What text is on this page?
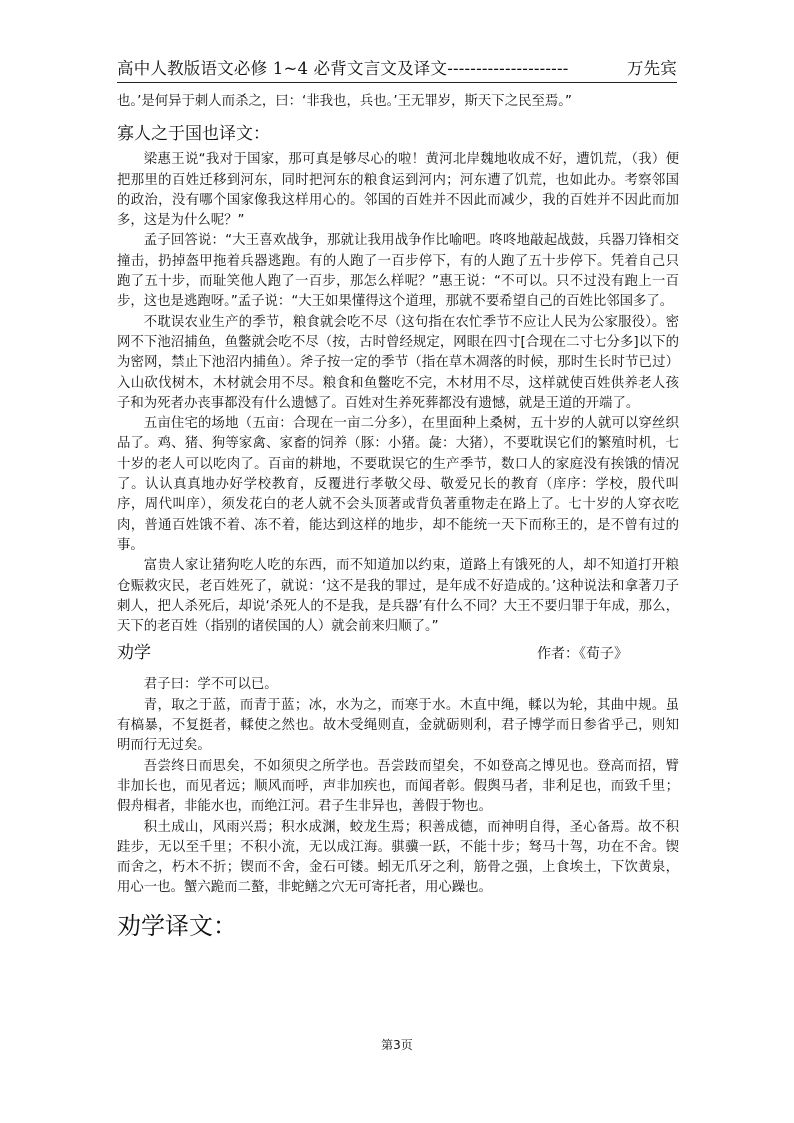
高中人教版语文必修 1~4 必背文言文及译文---------------------	万先宾

也。’是何异于刺人而杀之，曰：‘非我也，兵也。’王无罪岁，斯天下之民至焉。”

寡人之于国也译文：

梁惠王说“我对于国家，那可真是够尽心的啦！黄河北岸魏地收成不好，遭饥荒，（我）便把那里的百姓迁移到河东，同时把河东的粮食运到河内；河东遭了饥荒，也如此办。考察邻国的政治，没有哪个国家像我这样用心的。邻国的百姓并不因此而减少，我的百姓并不因此而加多，这是为什么呢？”

孟子回答说：“大王喜欢战争，那就让我用战争作比喻吧。咚咚地敲起战鼓，兵器刀锋相交撞击，扔掉盔甲拖着兵器逃跑。有的人跑了一百步停下，有的人跑了五十步停下。凭着自己只跑了五十步，而耻笑他人跑了一百步，那怎么样呢？”惠王说：“不可以。只不过没有跑上一百步，这也是逃跑呀。”孟子说：“大王如果懂得这个道理，那就不要希望自己的百姓比邻国多了。

不耽误农业生产的季节，粮食就会吃不尽（这句指在农忙季节不应让人民为公家服役）。密网不下池沼捕鱼，鱼鳖就会吃不尽（按，古时曾经规定，网眼在四寸[合现在二寸七分多]以下的为密网，禁止下池沼内捕鱼）。斧子按一定的季节（指在草木凋落的时候，那时生长时节已过）入山砍伐树木，木材就会用不尽。粮食和鱼鳖吃不完，木材用不尽，这样就使百姓供养老人孩子和为死者办丧事都没有什么遗憾了。百姓对生养死葬都没有遗憾，就是王道的开端了。

五亩住宅的场地（五亩：合现在一亩二分多），在里面种上桑树，五十岁的人就可以穿丝织品了。鸡、猪、狗等家禽、家畜的饲养（豚：小猪。彘：大猪），不要耽误它们的繁殖时机，七十岁的老人可以吃肉了。百亩的耕地，不要耽误它的生产季节，数口人的家庭没有挨饿的情况了。认认真真地办好学校教育，反覆进行孝敬父母、敬爱兄长的教育（庠序：学校，殷代叫序，周代叫庠），须发花白的老人就不会头顶著或背负著重物走在路上了。七十岁的人穿衣吃肉，普通百姓饿不着、冻不着，能达到这样的地步，却不能统一天下而称王的，是不曾有过的事。

富贵人家让猪狗吃人吃的东西，而不知道加以约束，道路上有饿死的人，却不知道打开粮仓赈救灾民，老百姓死了，就说：‘这不是我的罪过，是年成不好造成的。’这种说法和拿著刀子刺人，把人杀死后，却说‘杀死人的不是我，是兵器’有什么不同？大王不要归罪于年成，那么，天下的老百姓（指别的诸侯国的人）就会前来归顺了。”

劝学	作者：《荀子》

君子曰：学不可以已。

青，取之于蓝，而青于蓝；冰，水为之，而寒于水。木直中绳，輮以为轮，其曲中规。虽有槁暴，不复挺者，輮使之然也。故木受绳则直，金就砺则利，君子博学而日参省乎己，则知明而行无过矣。

吾尝终日而思矣，不如须臾之所学也。吾尝跂而望矣，不如登高之博见也。登高而招，臂非加长也，而见者远；顺风而呼，声非加疾也，而闻者彰。假舆马者，非利足也，而致千里；假舟楫者，非能水也，而绝江河。君子生非异也，善假于物也。

积土成山，风雨兴焉；积水成渊，蛟龙生焉；积善成德，而神明自得，圣心备焉。故不积跬步，无以至千里；不积小流，无以成江海。骐骥一跃，不能十步；驽马十驾，功在不舍。锲而舍之，朽木不折；锲而不舍，金石可镂。蚓无爪牙之利，筋骨之强，上食埃土，下饮黄泉，用心一也。蟹六跪而二螯，非蛇鳝之穴无可寄托者，用心躁也。

劝学译文：
第3页
